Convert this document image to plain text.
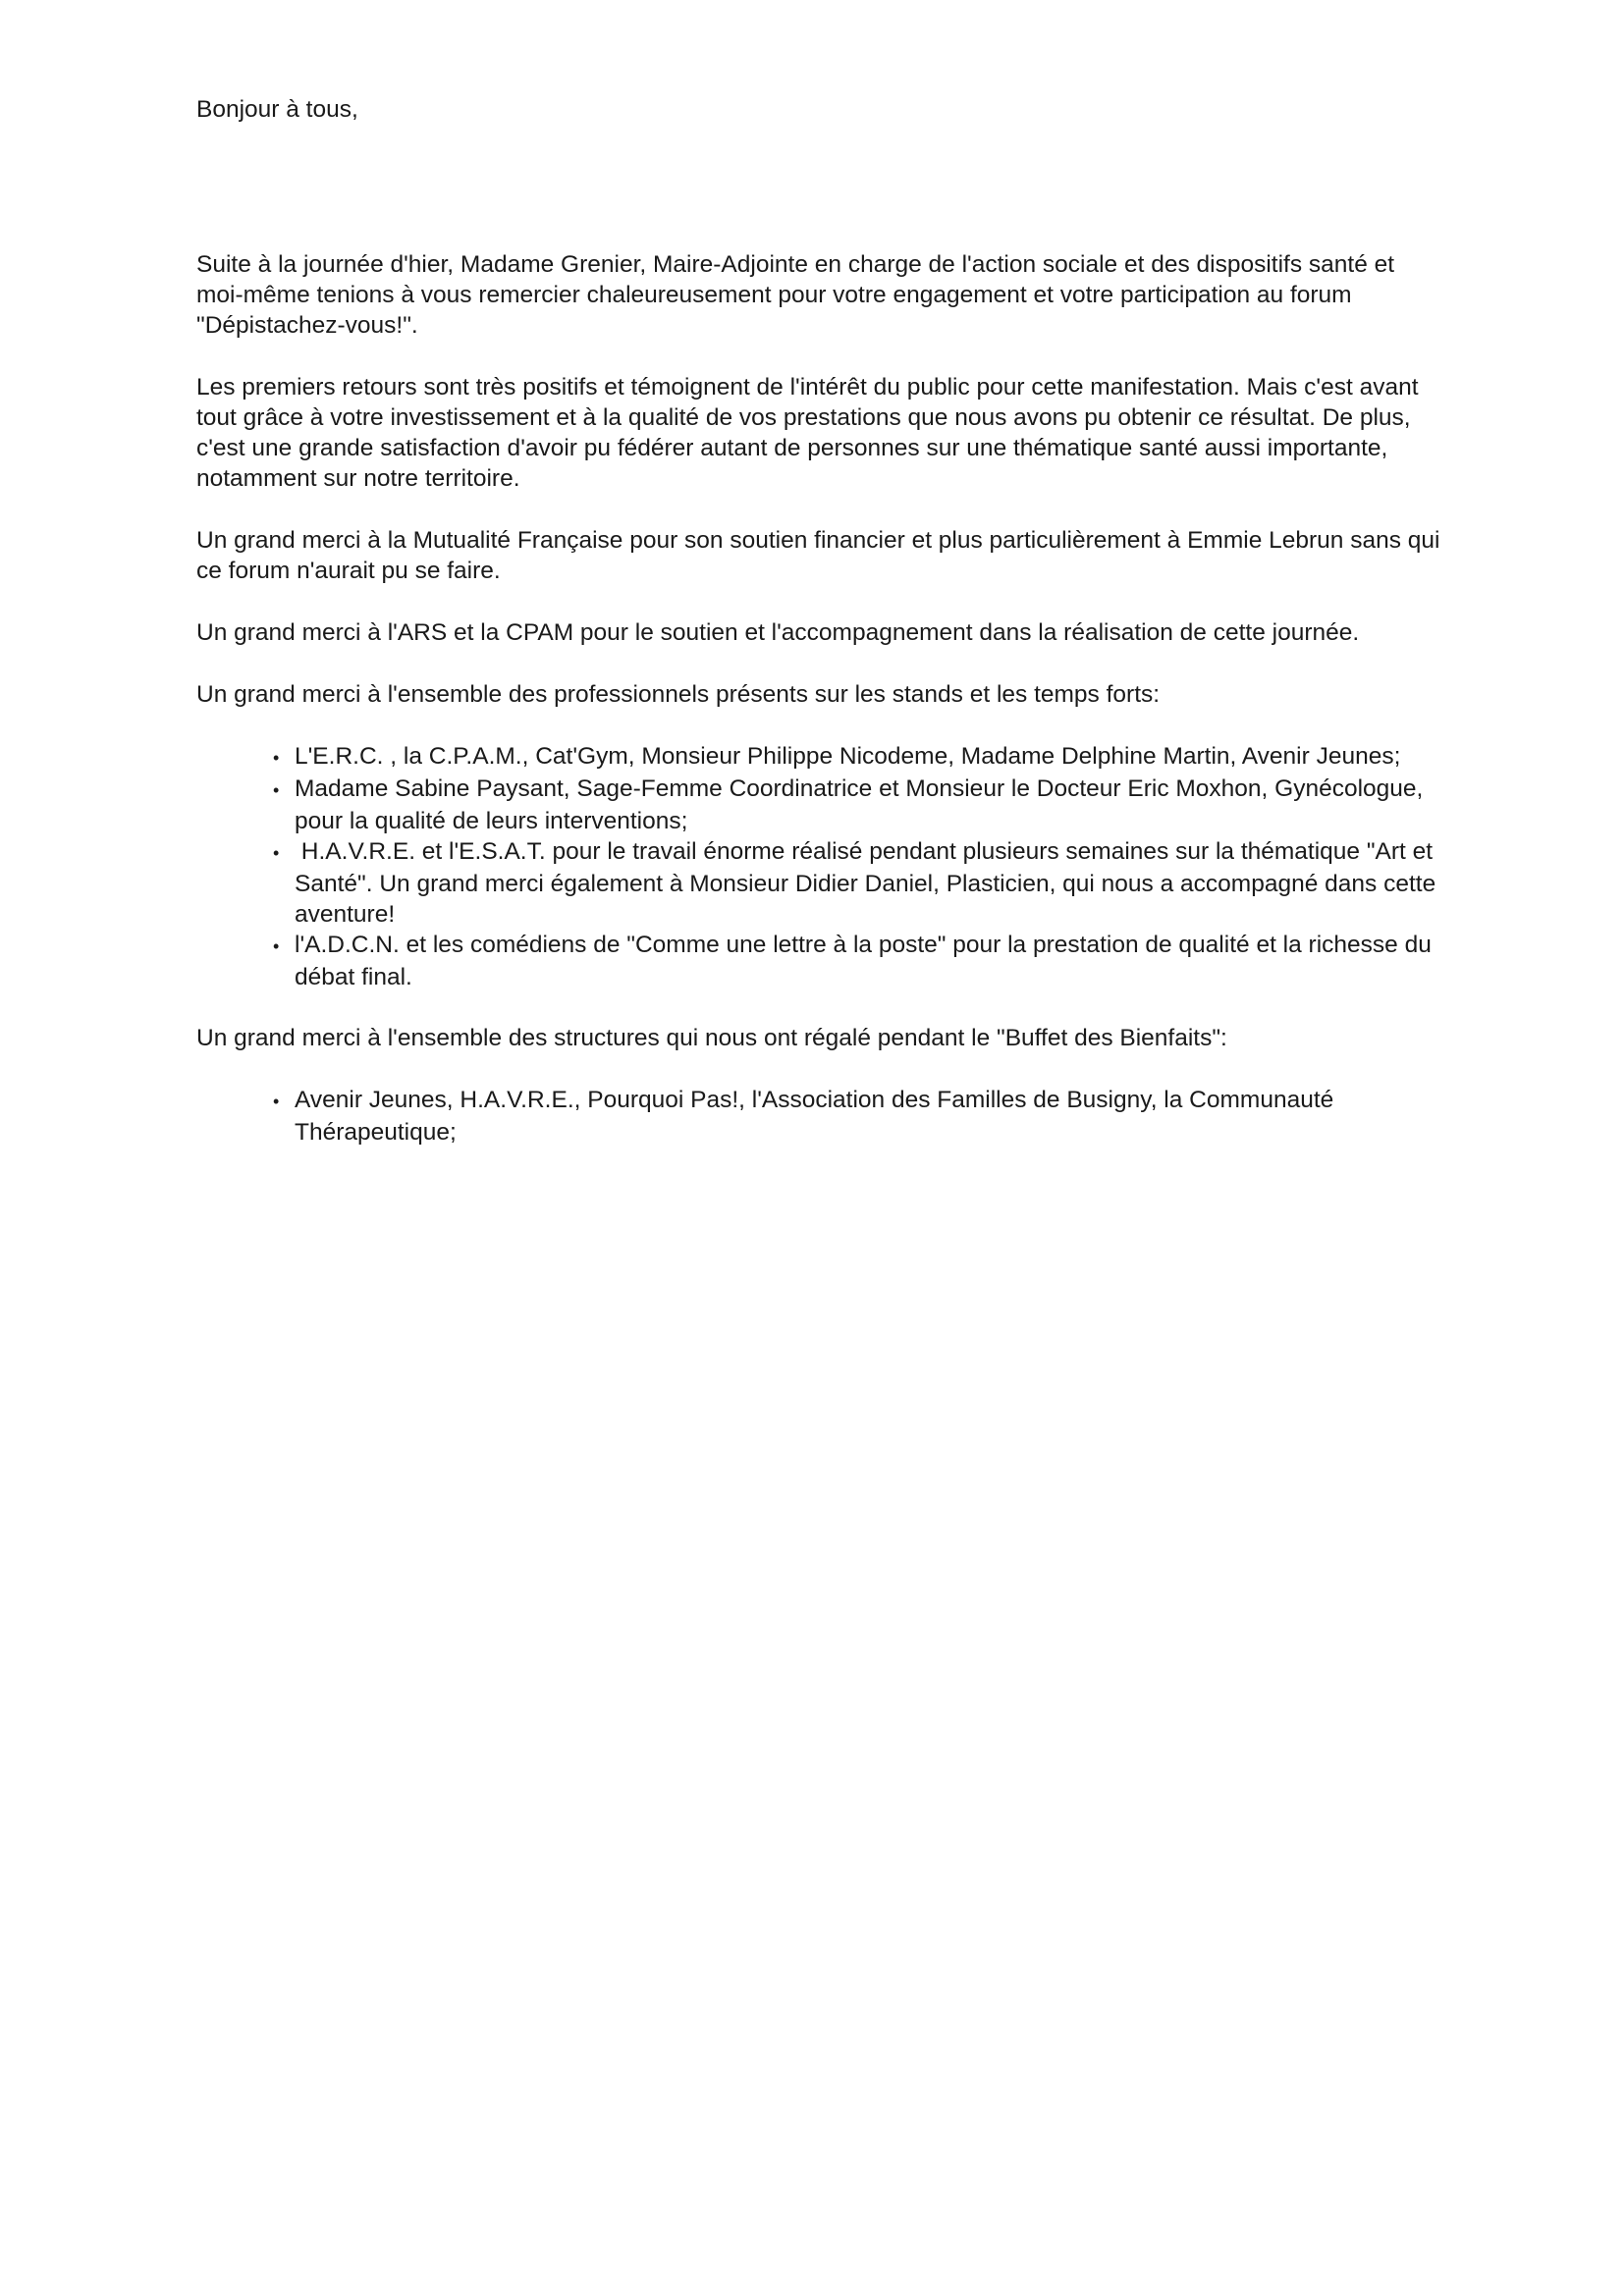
Bonjour à tous,

Suite à la journée d'hier, Madame Grenier, Maire-Adjointe en charge de l'action sociale et des dispositifs santé et moi-même tenions à vous remercier chaleureusement pour votre engagement et votre participation au forum "Dépistachez-vous!".

Les premiers retours sont très positifs et témoignent de l'intérêt du public pour cette manifestation. Mais c'est avant tout grâce à votre investissement et à la qualité de vos prestations que nous avons pu obtenir ce résultat. De plus, c'est une grande satisfaction d'avoir pu fédérer autant de personnes sur une thématique santé aussi importante, notamment sur notre territoire.

Un grand merci à la Mutualité Française pour son soutien financier et plus particulièrement à Emmie Lebrun sans qui ce forum n'aurait pu se faire.

Un grand merci à l'ARS et la CPAM pour le soutien et l'accompagnement dans la réalisation de cette journée.

Un grand merci à l'ensemble des professionnels présents sur les stands et les temps forts:

• L'E.R.C. , la C.P.A.M., Cat'Gym, Monsieur Philippe Nicodeme, Madame Delphine Martin, Avenir Jeunes;
• Madame Sabine Paysant, Sage-Femme Coordinatrice et Monsieur le Docteur Eric Moxhon, Gynécologue, pour la qualité de leurs interventions;
• H.A.V.R.E. et l'E.S.A.T. pour le travail énorme réalisé pendant plusieurs semaines sur la thématique "Art et Santé". Un grand merci également à Monsieur Didier Daniel, Plasticien, qui nous a accompagné dans cette aventure!
• l'A.D.C.N. et les comédiens de "Comme une lettre à la poste" pour la prestation de qualité et la richesse du débat final.

Un grand merci à l'ensemble des structures qui nous ont régalé pendant le "Buffet des Bienfaits":

• Avenir Jeunes, H.A.V.R.E., Pourquoi Pas!, l'Association des Familles de Busigny, la Communauté Thérapeutique;
